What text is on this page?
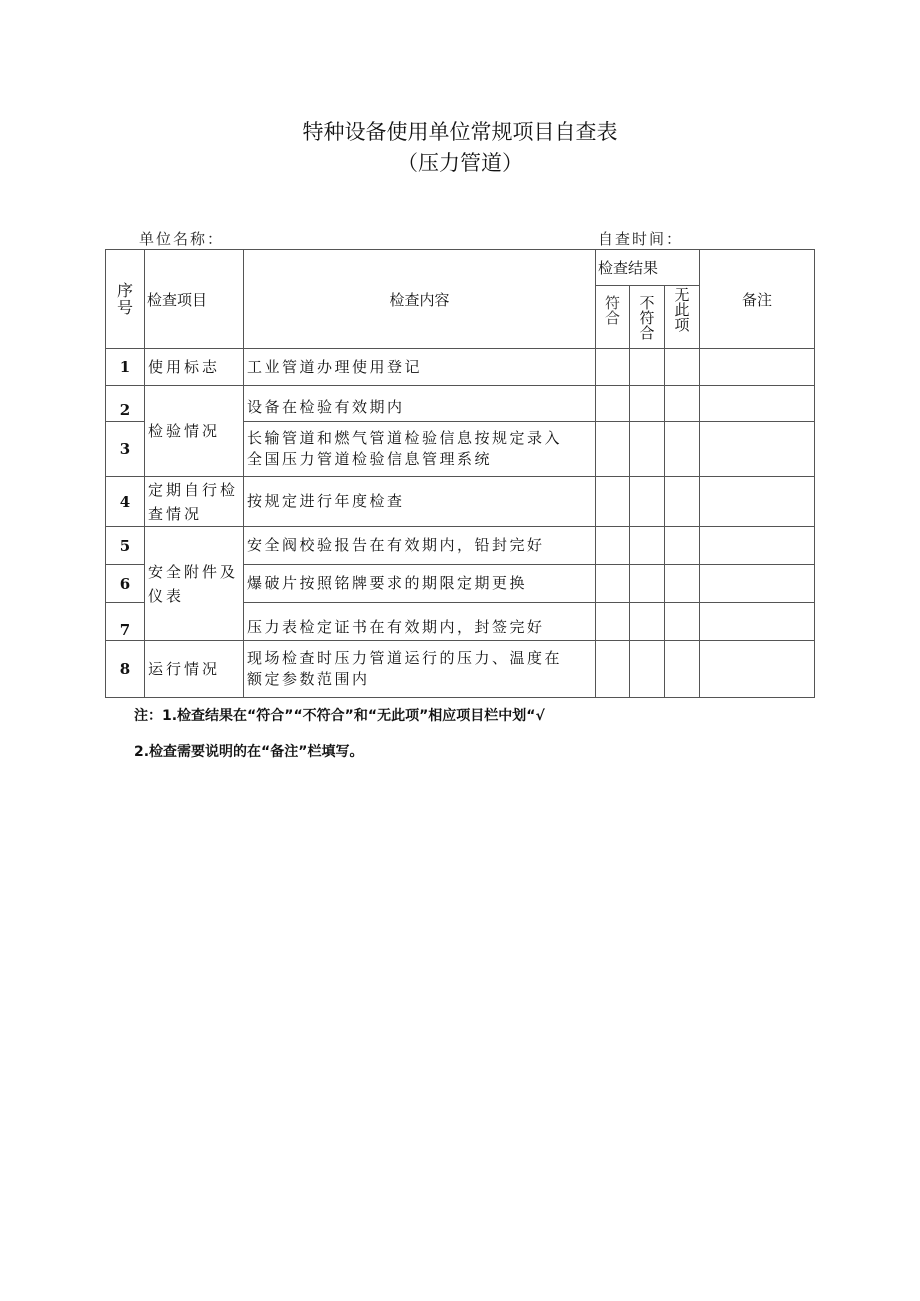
特种设备使用单位常规项目自查表
（压力管道）
单位名称：	自查时间：
序号	检查项目	检查内容	检查结果			备注

			符合	不符合	无此项	

1	使用标志	工业管道办理使用登记				
2	检验情况	设备在检验有效期内				
3		长输管道和燃气管道检验信息按规定录入
全国压力管道检验信息管理系统				

4	定期自行检查情况	按规定进行年度检查				
5	安全附件及仪表	安全阀校验报告在有效期内，铅封完好				
6		爆破片按照铭牌要求的期限定期更换				
7		压力表检定证书在有效期内，封签完好				
8	运行情况	现场检查时压力管道运行的压力、温度在
额定参数范围内				

注：1.检查结果在“符合”“不符合”和“无此项”相应项目栏中划“√
2.检查需要说明的在“备注”栏填写。
